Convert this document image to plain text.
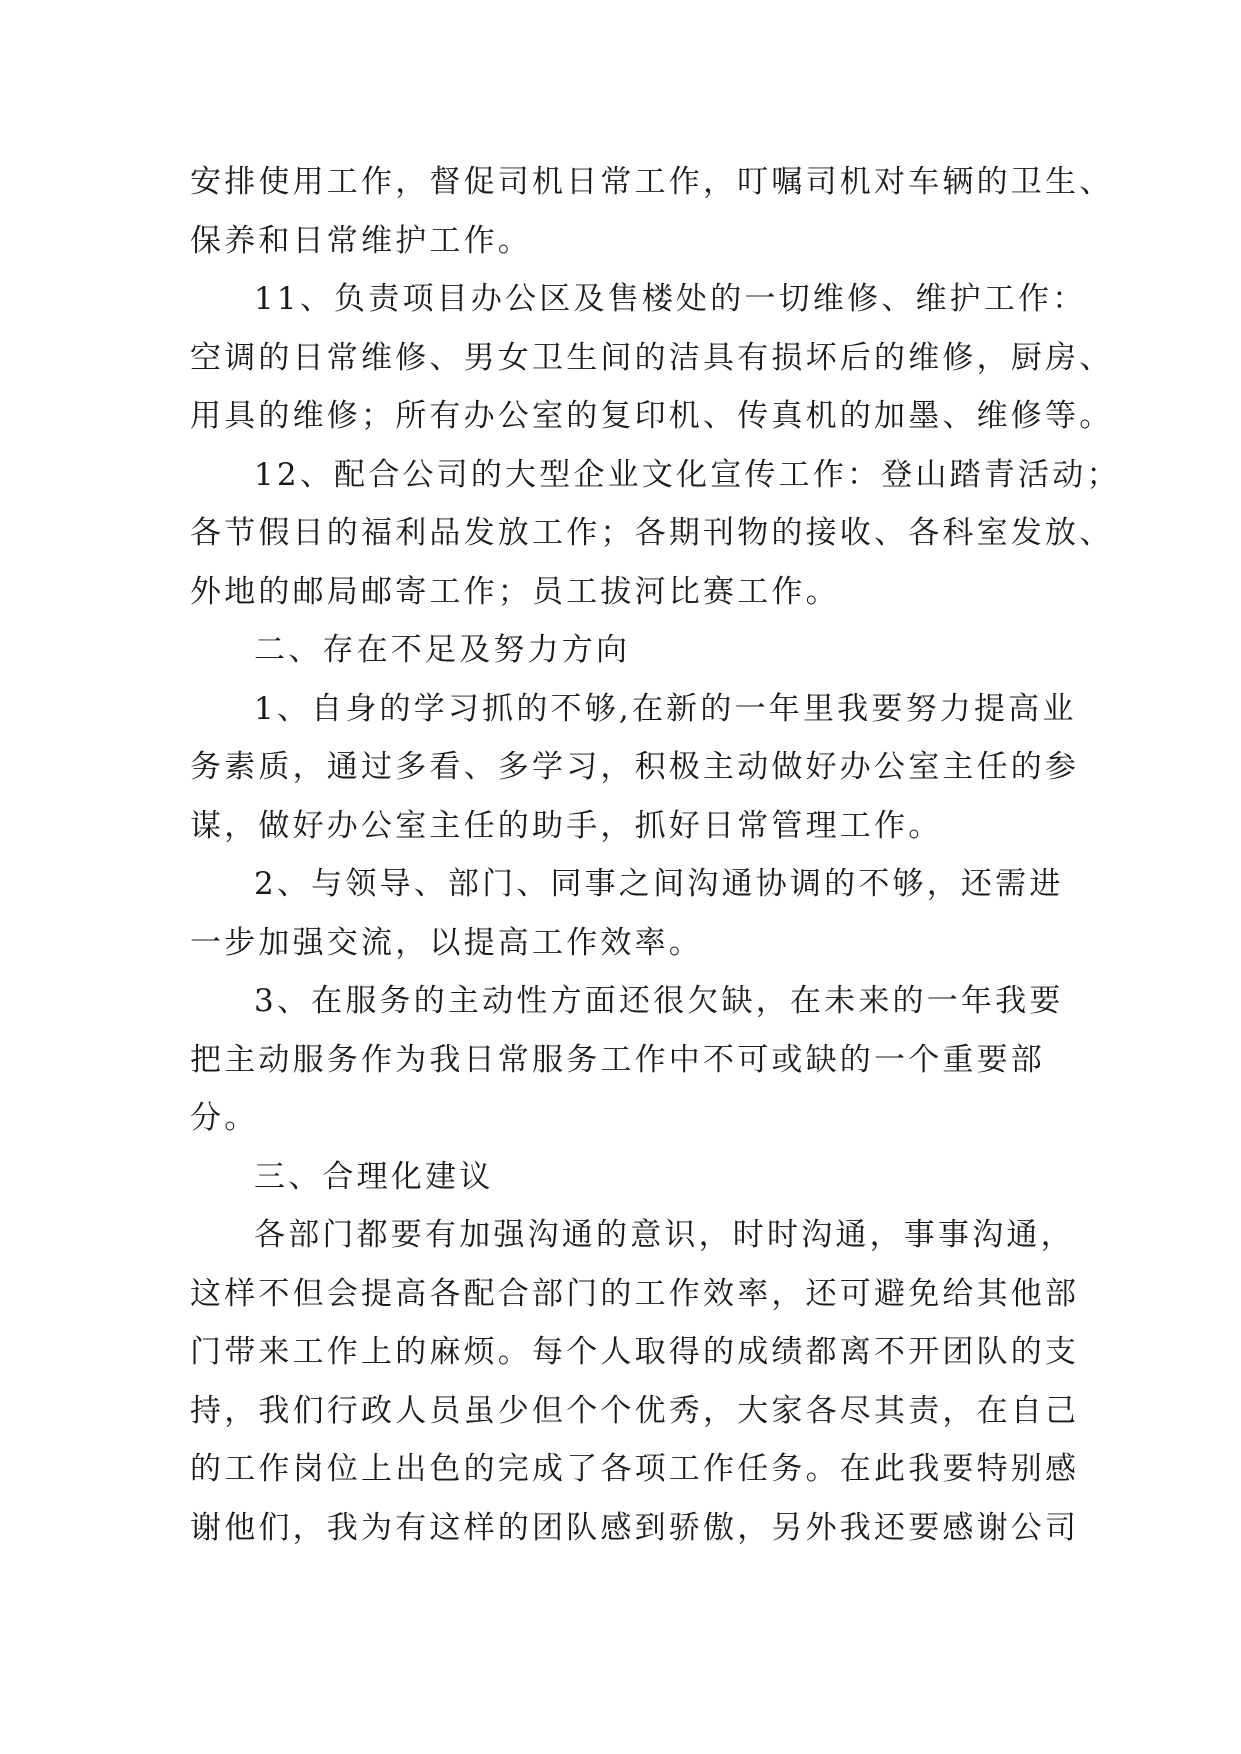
安排使用工作，督促司机日常工作，叮嘱司机对车辆的卫生、
保养和日常维护工作。
11、负责项目办公区及售楼处的一切维修、维护工作：
空调的日常维修、男女卫生间的洁具有损坏后的维修，厨房、
用具的维修；所有办公室的复印机、传真机的加墨、维修等。
12、配合公司的大型企业文化宣传工作：登山踏青活动；
各节假日的福利品发放工作；各期刊物的接收、各科室发放、
外地的邮局邮寄工作；员工拔河比赛工作。
二、存在不足及努力方向
1、自身的学习抓的不够,在新的一年里我要努力提高业
务素质，通过多看、多学习，积极主动做好办公室主任的参
谋，做好办公室主任的助手，抓好日常管理工作。
2、与领导、部门、同事之间沟通协调的不够，还需进
一步加强交流，以提高工作效率。
3、在服务的主动性方面还很欠缺，在未来的一年我要
把主动服务作为我日常服务工作中不可或缺的一个重要部
分。
三、合理化建议
各部门都要有加强沟通的意识，时时沟通，事事沟通，
这样不但会提高各配合部门的工作效率，还可避免给其他部
门带来工作上的麻烦。每个人取得的成绩都离不开团队的支
持，我们行政人员虽少但个个优秀，大家各尽其责，在自己
的工作岗位上出色的完成了各项工作任务。在此我要特别感
谢他们，我为有这样的团队感到骄傲，另外我还要感谢公司
